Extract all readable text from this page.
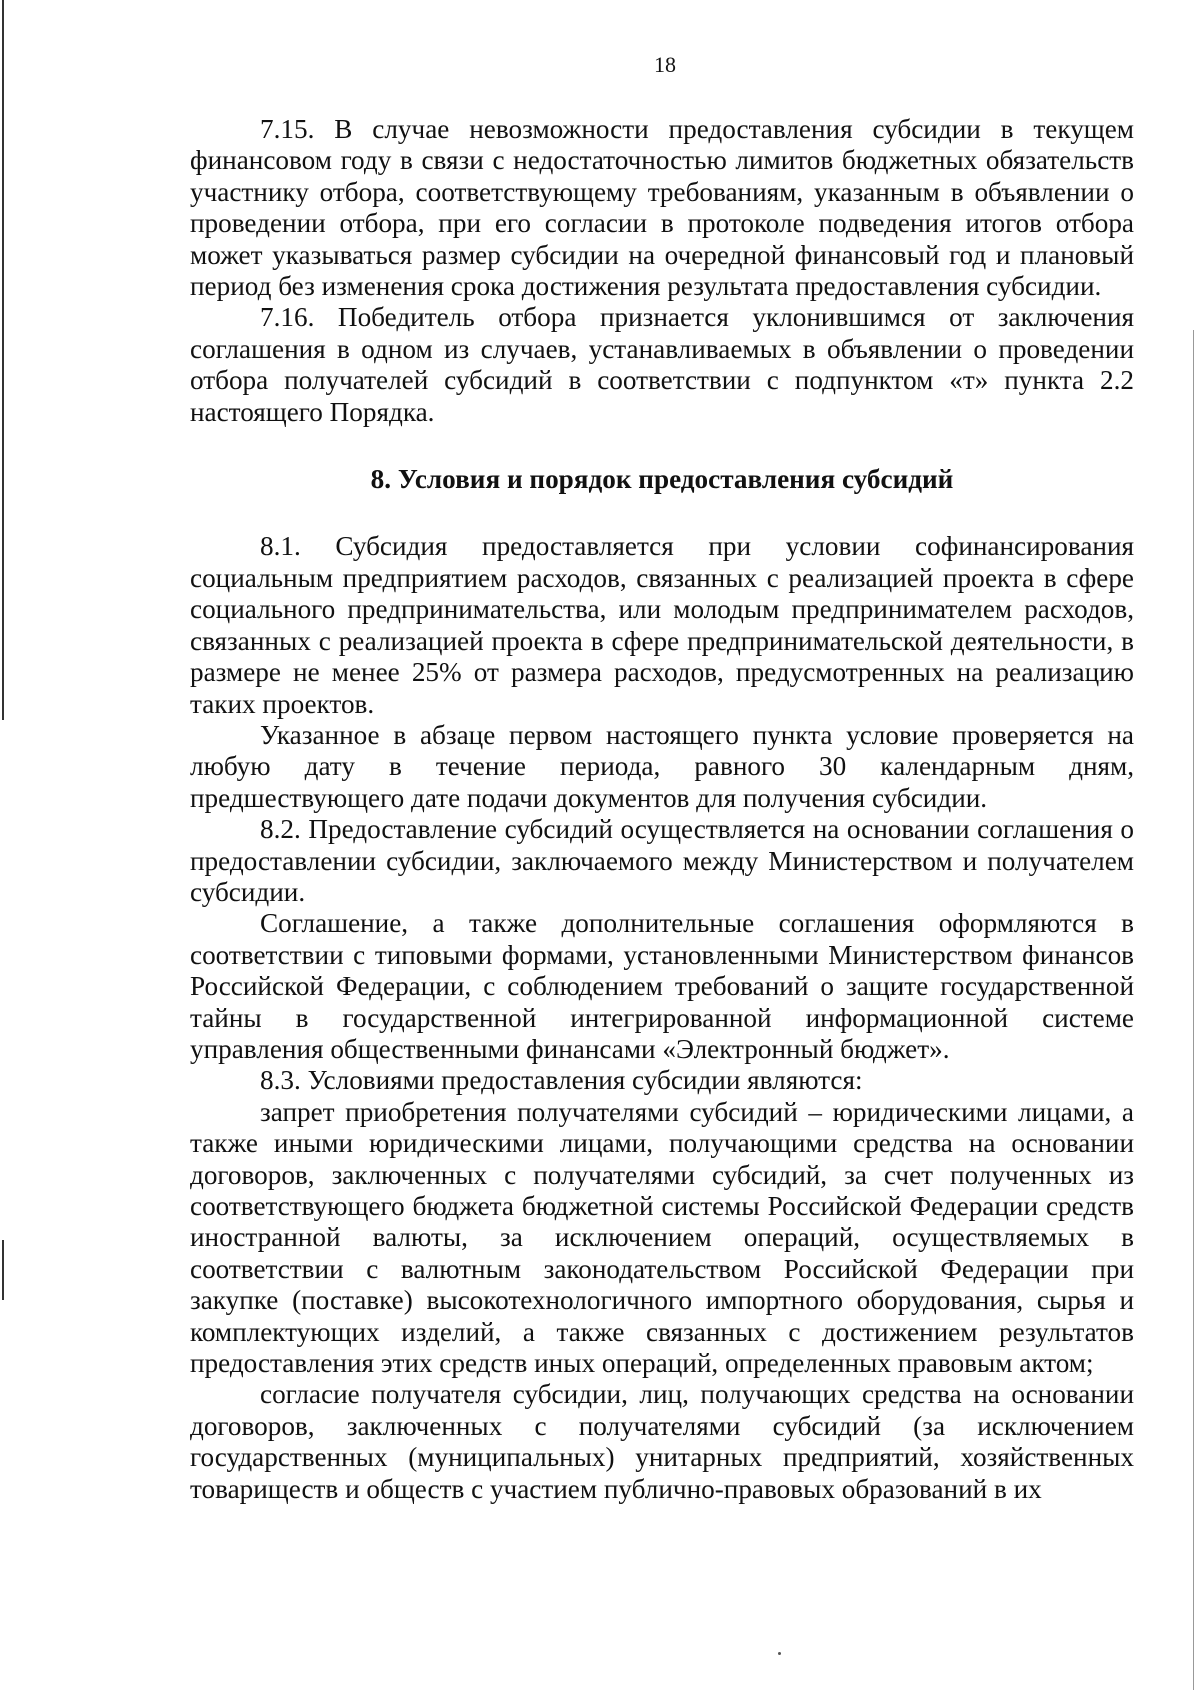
18

7.15. В случае невозможности предоставления субсидии в текущем финансовом году в связи с недостаточностью лимитов бюджетных обязательств участнику отбора, соответствующему требованиям, указанным в объявлении о проведении отбора, при его согласии в протоколе подведения итогов отбора может указываться размер субсидии на очередной финансовый год и плановый период без изменения срока достижения результата предоставления субсидии.

7.16. Победитель отбора признается уклонившимся от заключения соглашения в одном из случаев, устанавливаемых в объявлении о проведении отбора получателей субсидий в соответствии с подпунктом «т» пункта 2.2 настоящего Порядка.

8. Условия и порядок предоставления субсидий

8.1. Субсидия предоставляется при условии софинансирования социальным предприятием расходов, связанных с реализацией проекта в сфере социального предпринимательства, или молодым предпринимателем расходов, связанных с реализацией проекта в сфере предпринимательской деятельности, в размере не менее 25% от размера расходов, предусмотренных на реализацию таких проектов.

Указанное в абзаце первом настоящего пункта условие проверяется на любую дату в течение периода, равного 30 календарным дням, предшествующего дате подачи документов для получения субсидии.

8.2. Предоставление субсидий осуществляется на основании соглашения о предоставлении субсидии, заключаемого между Министерством и получателем субсидии.

Соглашение, а также дополнительные соглашения оформляются в соответствии с типовыми формами, установленными Министерством финансов Российской Федерации, с соблюдением требований о защите государственной тайны в государственной интегрированной информационной системе управления общественными финансами «Электронный бюджет».

8.3. Условиями предоставления субсидии являются:

запрет приобретения получателями субсидий – юридическими лицами, а также иными юридическими лицами, получающими средства на основании договоров, заключенных с получателями субсидий, за счет полученных из соответствующего бюджета бюджетной системы Российской Федерации средств иностранной валюты, за исключением операций, осуществляемых в соответствии с валютным законодательством Российской Федерации при закупке (поставке) высокотехнологичного импортного оборудования, сырья и комплектующих изделий, а также связанных с достижением результатов предоставления этих средств иных операций, определенных правовым актом;

согласие получателя субсидии, лиц, получающих средства на основании договоров, заключенных с получателями субсидий (за исключением государственных (муниципальных) унитарных предприятий, хозяйственных товариществ и обществ с участием публично-правовых образований в их
